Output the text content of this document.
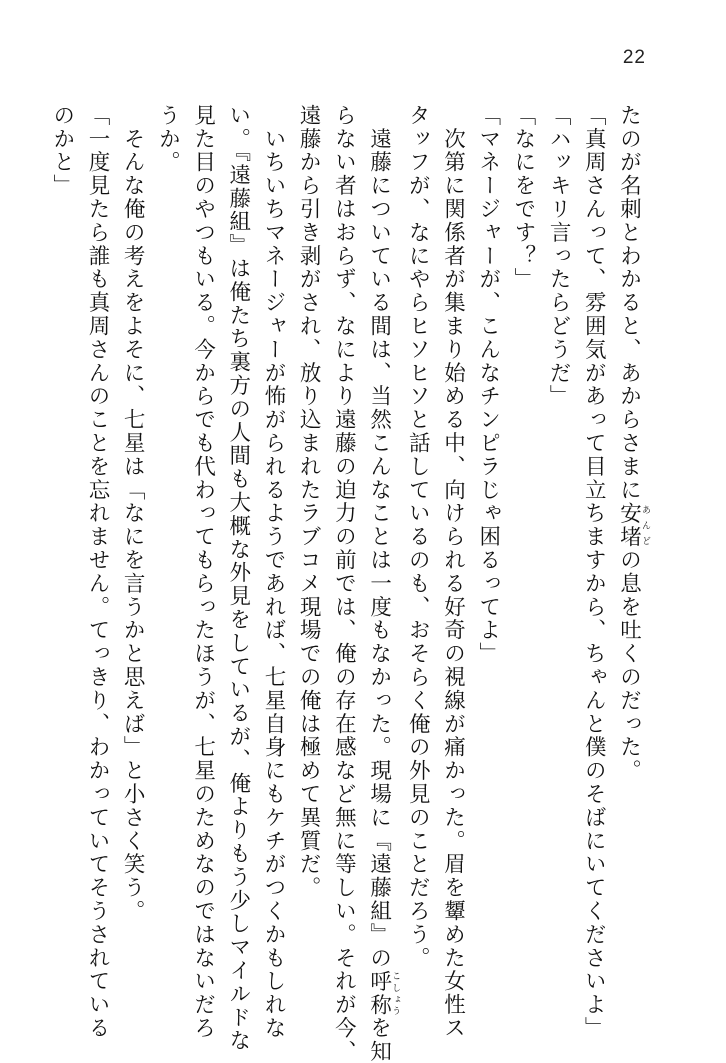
22
たのが名刺とわかると、あからさまに安堵あんどの息を吐くのだった。
「真周さんって、雰囲気があって目立ちますから、ちゃんと僕のそばにいてくださいよ」
「ハッキリ言ったらどうだ」
「なにをです？」
「マネージャーが、こんなチンピラじゃ困るってよ」
　次第に関係者が集まり始める中、向けられる好奇の視線が痛かった。眉を顰めた女性ス
タッフが、なにやらヒソヒソと話しているのも、おそらく俺の外見のことだろう。
　遠藤についている間は、当然こんなことは一度もなかった。現場に『遠藤組』の呼称こしょうを知
らない者はおらず、なにより遠藤の迫力の前では、俺の存在感など無に等しい。それが今、
遠藤から引き剥がされ、放り込まれたラブコメ現場での俺は極めて異質だ。
　いちいちマネージャーが怖がられるようであれば、七星自身にもケチがつくかもしれな
い。『遠藤組』は俺たち裏方の人間も大概な外見をしているが、俺よりもう少しマイルドな
見た目のやつもいる。今からでも代わってもらったほうが、七星のためなのではないだろ
うか。
　そんな俺の考えをよそに、七星は「なにを言うかと思えば」と小さく笑う。
「一度見たら誰も真周さんのことを忘れません。てっきり、わかっていてそうされている
のかと」
